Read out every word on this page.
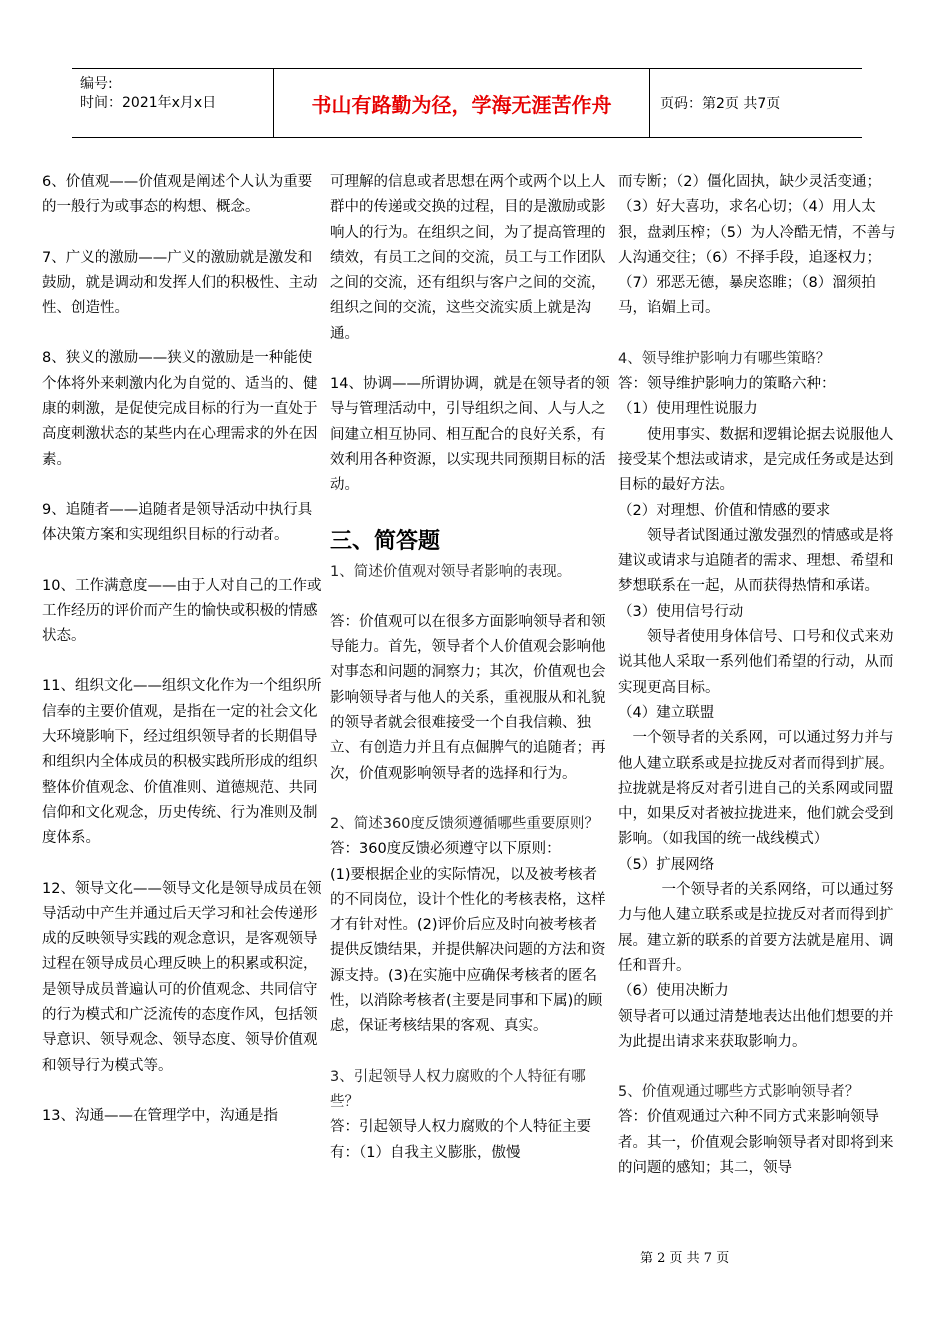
编号:
时间：2021年x月x日	书山有路勤为径，学海无涯苦作舟	页码：第2页 共7页

6、价值观——价值观是阐述个人认为重要的一般行为或事态的构想、概念。

7、广义的激励——广义的激励就是激发和鼓励，就是调动和发挥人们的积极性、主动性、创造性。

8、狭义的激励——狭义的激励是一种能使个体将外来刺激内化为自觉的、适当的、健康的刺激，是促使完成目标的行为一直处于高度刺激状态的某些内在心理需求的外在因素。

9、追随者——追随者是领导活动中执行具体决策方案和实现组织目标的行动者。

10、工作满意度——由于人对自己的工作或工作经历的评价而产生的愉快或积极的情感状态。

11、组织文化——组织文化作为一个组织所信奉的主要价值观，是指在一定的社会文化大环境影响下，经过组织领导者的长期倡导和组织内全体成员的积极实践所形成的组织整体价值观念、价值准则、道德规范、共同信仰和文化观念，历史传统、行为准则及制度体系。

12、领导文化——领导文化是领导成员在领导活动中产生并通过后天学习和社会传递形成的反映领导实践的观念意识，是客观领导过程在领导成员心理反映上的积累或积淀，是领导成员普遍认可的价值观念、共同信守的行为模式和广泛流传的态度作风，包括领导意识、领导观念、领导态度、领导价值观和领导行为模式等。

13、沟通——在管理学中，沟通是指

可理解的信息或者思想在两个或两个以上人群中的传递或交换的过程，目的是激励或影响人的行为。在组织之间，为了提高管理的绩效，有员工之间的交流，员工与工作团队之间的交流，还有组织与客户之间的交流，组织之间的交流，这些交流实质上就是沟通。

14、协调——所谓协调，就是在领导者的领导与管理活动中，引导组织之间、人与人之间建立相互协同、相互配合的良好关系，有效利用各种资源，以实现共同预期目标的活动。

三、简答题

1、简述价值观对领导者影响的表现。

答：价值观可以在很多方面影响领导者和领导能力。首先，领导者个人价值观会影响他对事态和问题的洞察力；其次，价值观也会影响领导者与他人的关系，重视服从和礼貌的领导者就会很难接受一个自我信赖、独立、有创造力并且有点倔脾气的追随者；再次，价值观影响领导者的选择和行为。

2、简述360度反馈须遵循哪些重要原则？

答：360度反馈必须遵守以下原则：

(1)要根据企业的实际情况，以及被考核者的不同岗位，设计个性化的考核表格，这样才有针对性。(2)评价后应及时向被考核者提供反馈结果，并提供解决问题的方法和资源支持。(3)在实施中应确保考核者的匿名性，以消除考核者(主要是同事和下属)的顾虑，保证考核结果的客观、真实。

3、引起领导人权力腐败的个人特征有哪些？

答：引起领导人权力腐败的个人特征主要有：（1）自我主义膨胀，傲慢

而专断；（2）僵化固执，缺少灵活变通；（3）好大喜功，求名心切；（4）用人太狠，盘剥压榨；（5）为人冷酷无情，不善与人沟通交往；（6）不择手段，追逐权力；（7）邪恶无德，暴戾恣睢；（8）溜须拍马，谄媚上司。

4、领导维护影响力有哪些策略？

答：领导维护影响力的策略六种：

（1）使用理性说服力

使用事实、数据和逻辑论据去说服他人接受某个想法或请求，是完成任务或是达到目标的最好方法。

（2）对理想、价值和情感的要求

领导者试图通过激发强烈的情感或是将建议或请求与追随者的需求、理想、希望和梦想联系在一起，从而获得热情和承诺。

（3）使用信号行动

领导者使用身体信号、口号和仪式来劝说其他人采取一系列他们希望的行动，从而实现更高目标。

（4）建立联盟

一个领导者的关系网，可以通过努力并与他人建立联系或是拉拢反对者而得到扩展。拉拢就是将反对者引进自己的关系网或同盟中，如果反对者被拉拢进来，他们就会受到影响。（如我国的统一战线模式）

（5）扩展网络

一个领导者的关系网络，可以通过努力与他人建立联系或是拉拢反对者而得到扩展。建立新的联系的首要方法就是雇用、调任和晋升。

（6）使用决断力

领导者可以通过清楚地表达出他们想要的并为此提出请求来获取影响力。

5、价值观通过哪些方式影响领导者？

答：价值观通过六种不同方式来影响领导者。其一，价值观会影响领导者对即将到来的问题的感知；其二，领导

第 2 页 共 7 页
